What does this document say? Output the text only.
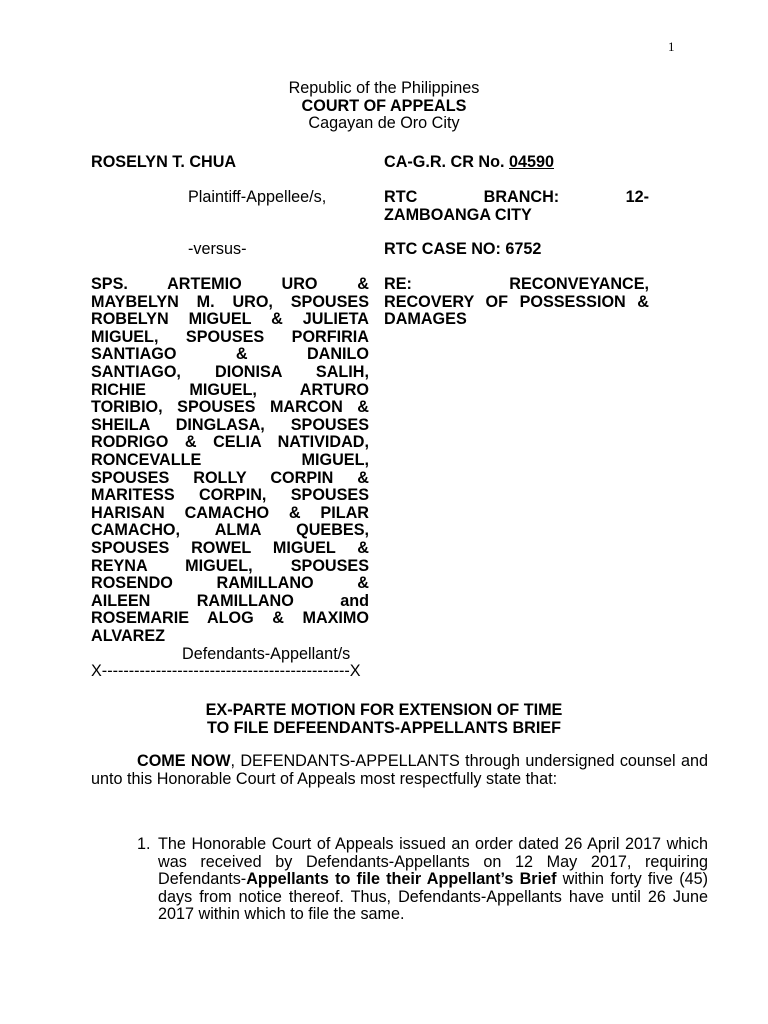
1
Republic of the Philippines
COURT OF APPEALS
Cagayan de Oro City
ROSELYN T. CHUA
Plaintiff-Appellee/s,
-versus-
CA-G.R. CR No. 04590
RTC BRANCH: 12-
ZAMBOANGA CITY
RTC CASE NO: 6752
RE: RECONVEYANCE,
RECOVERY OF POSSESSION &
DAMAGES
SPS. ARTEMIO URO &
MAYBELYN M. URO, SPOUSES
ROBELYN MIGUEL & JULIETA
MIGUEL, SPOUSES PORFIRIA
SANTIAGO & DANILO
SANTIAGO, DIONISA SALIH,
RICHIE MIGUEL, ARTURO
TORIBIO, SPOUSES MARCON &
SHEILA DINGLASA, SPOUSES
RODRIGO & CELIA NATIVIDAD,
RONCEVALLE MIGUEL,
SPOUSES ROLLY CORPIN &
MARITESS CORPIN, SPOUSES
HARISAN CAMACHO & PILAR
CAMACHO, ALMA QUEBES,
SPOUSES ROWEL MIGUEL &
REYNA MIGUEL, SPOUSES
ROSENDO RAMILLANO &
AILEEN RAMILLANO and
ROSEMARIE ALOG & MAXIMO
ALVAREZ
Defendants-Appellant/s
X----------------------------------------------X
EX-PARTE MOTION FOR EXTENSION OF TIME
TO FILE DEFEENDANTS-APPELLANTS BRIEF
COME NOW, DEFENDANTS-APPELLANTS through undersigned counsel and unto this Honorable Court of Appeals most respectfully state that:
1. The Honorable Court of Appeals issued an order dated 26 April 2017 which was received by Defendants-Appellants on 12 May 2017, requiring Defendants-Appellants to file their Appellant’s Brief within forty five (45) days from notice thereof. Thus, Defendants-Appellants have until 26 June 2017 within which to file the same.
